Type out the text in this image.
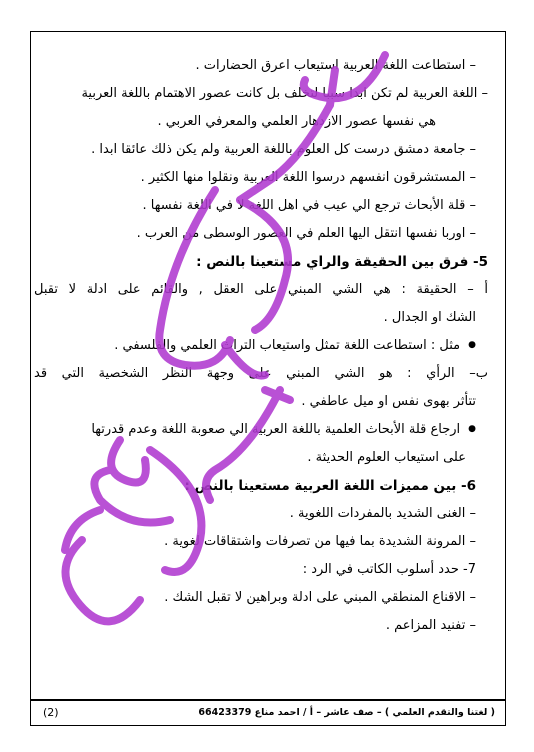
– استطاعت اللغة العربية استيعاب اعرق الحضارات .
– اللغة العربية لم تكن ابدا سببا لتخلف بل كانت عصور الاهتمام باللغة العربية
هي نفسها عصور الازدهار العلمي والمعرفي العربي .
– جامعة دمشق درست كل العلوم باللغة العربية ولم يكن ذلك عائقا ابدا .
– المستشرقون انفسهم درسوا اللغة العربية ونقلوا منها الكثير .
– قلة الأبحاث ترجع الي عيب في اهل اللغة لا في اللغة نفسها .
– اوربا نفسها انتقل اليها العلم في العصور الوسطى من العرب .
5- فرق بين الحقيقة والراي مستعينا بالنص :
أ – الحقيقة : هي الشي المبني على العقل , والقائم على ادلة لا تقبل
الشك او الجدال .
● مثل : استطاعت اللغة تمثل واستيعاب التراث العلمي والفلسفي .
ب– الرأي : هو الشي المبني على وجهة النظر الشخصية التي قد
تتأثر بهوى نفس او ميل عاطفي .
● ارجاع قلة الأبحاث العلمية باللغة العربية الي صعوبة اللغة وعدم قدرتها
على استيعاب العلوم الحديثة .
6- بين مميزات اللغة العربية مستعينا بالنص :
– الغنى الشديد بالمفردات اللغوية .
– المرونة الشديدة بما فيها من تصرفات واشتقاقات لغوية .
7- حدد أسلوب الكاتب في الرد :
– الاقناع المنطقي المبني على ادلة وبراهين لا تقبل الشك .
– تفنيد المزاعم .
( لغتنا والتقدم العلمي ) – صف عاشر – أ / احمد مناع 66423379
(2)
